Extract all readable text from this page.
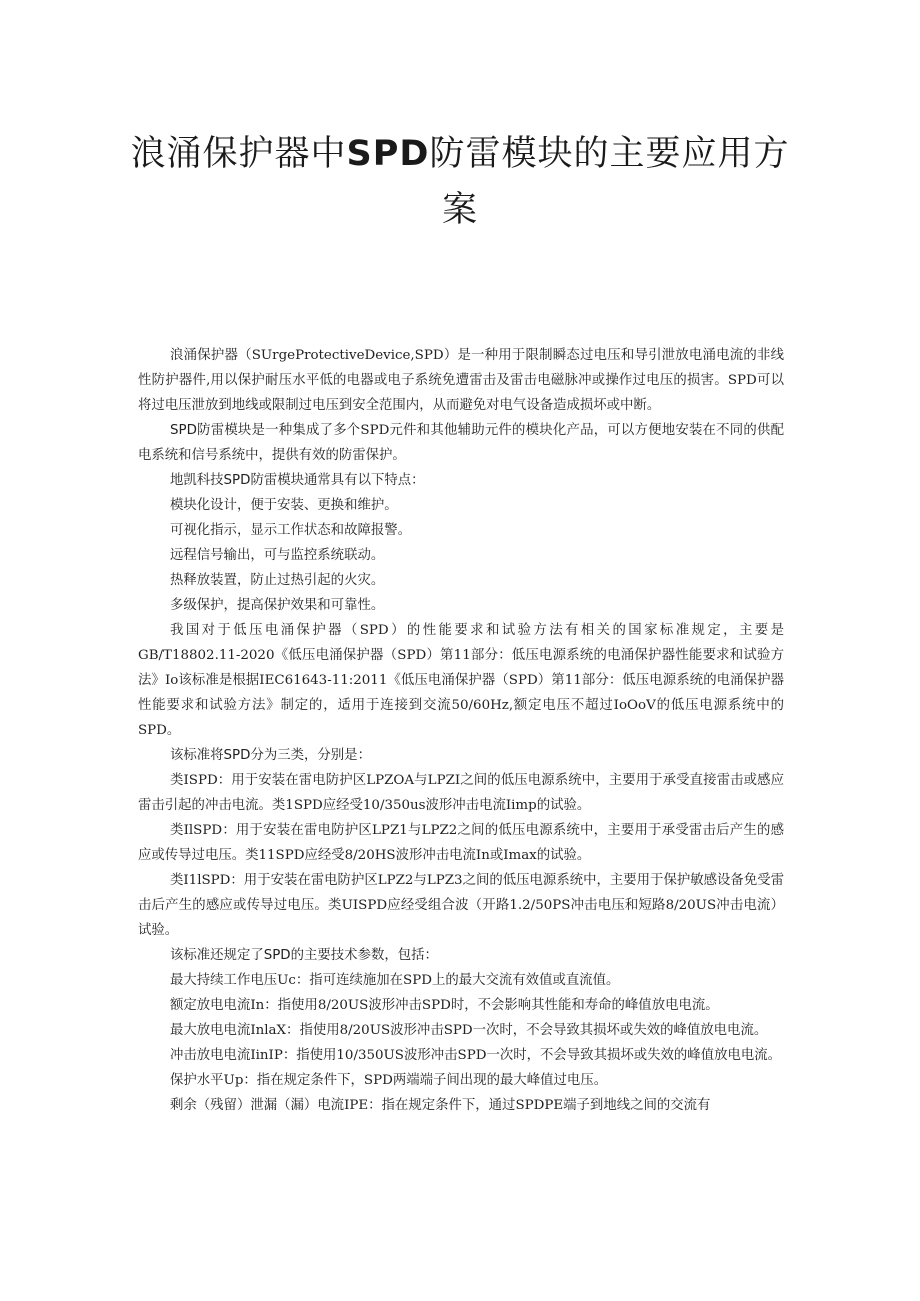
浪涌保护器中SPD防雷模块的主要应用方案

浪涌保护器（SUrgeProtectiveDevice,SPD）是一种用于限制瞬态过电压和导引泄放电涌电流的非线性防护器件,用以保护耐压水平低的电器或电子系统免遭雷击及雷击电磁脉冲或操作过电压的损害。SPD可以将过电压泄放到地线或限制过电压到安全范围内，从而避免对电气设备造成损坏或中断。

SPD防雷模块是一种集成了多个SPD元件和其他辅助元件的模块化产品，可以方便地安装在不同的供配电系统和信号系统中，提供有效的防雷保护。

地凯科技SPD防雷模块通常具有以下特点：

模块化设计，便于安装、更换和维护。

可视化指示，显示工作状态和故障报警。

远程信号输出，可与监控系统联动。

热释放装置，防止过热引起的火灾。

多级保护，提高保护效果和可靠性。

我国对于低压电涌保护器（SPD）的性能要求和试验方法有相关的国家标准规定，主要是GB/T18802.11-2020《低压电涌保护器（SPD）第11部分：低压电源系统的电涌保护器性能要求和试验方法》Io该标准是根据IEC61643-11:2011《低压电涌保护器（SPD）第11部分：低压电源系统的电涌保护器性能要求和试验方法》制定的，适用于连接到交流50/60Hz,额定电压不超过IoOoV的低压电源系统中的SPD。

该标准将SPD分为三类，分别是：

类ISPD：用于安装在雷电防护区LPZOA与LPZI之间的低压电源系统中，主要用于承受直接雷击或感应雷击引起的冲击电流。类1SPD应经受10/350us波形冲击电流Iimp的试验。

类IlSPD：用于安装在雷电防护区LPZ1与LPZ2之间的低压电源系统中，主要用于承受雷击后产生的感应或传导过电压。类11SPD应经受8/20HS波形冲击电流In或Imax的试验。

类I1lSPD：用于安装在雷电防护区LPZ2与LPZ3之间的低压电源系统中，主要用于保护敏感设备免受雷击后产生的感应或传导过电压。类UISPD应经受组合波（开路1.2/50PS冲击电压和短路8/20US冲击电流）试验。

该标准还规定了SPD的主要技术参数，包括：

最大持续工作电压Uc：指可连续施加在SPD上的最大交流有效值或直流值。

额定放电电流In：指使用8/20US波形冲击SPD时，不会影响其性能和寿命的峰值放电电流。

最大放电电流InlaX：指使用8/20US波形冲击SPD一次时，不会导致其损坏或失效的峰值放电电流。

冲击放电电流IinIP：指使用10/350US波形冲击SPD一次时，不会导致其损坏或失效的峰值放电电流。

保护水平Up：指在规定条件下，SPD两端端子间出现的最大峰值过电压。

剩余（残留）泄漏（漏）电流IPE：指在规定条件下，通过SPDPE端子到地线之间的交流有
